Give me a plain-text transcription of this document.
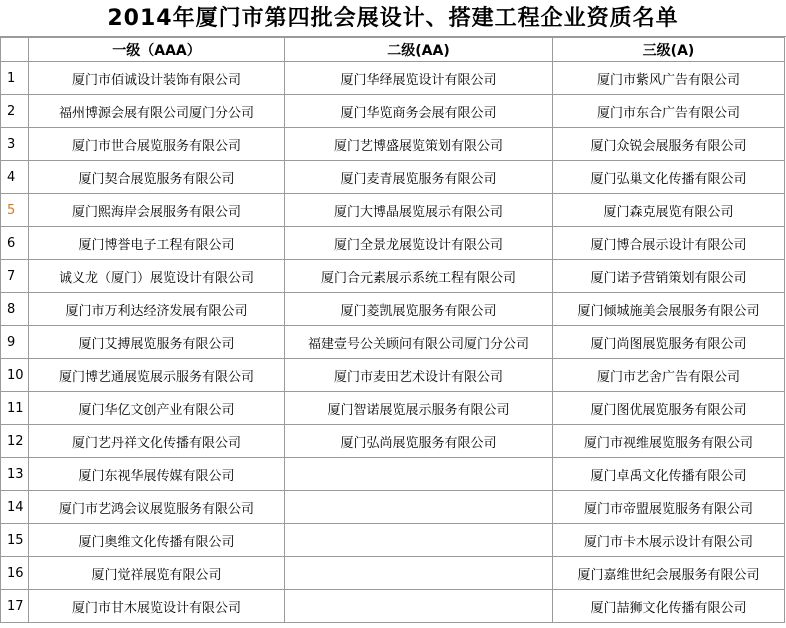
2014年厦门市第四批会展设计、搭建工程企业资质名单
	一级（AAA）	二级(AA)	三级(A)
1	厦门市佰诚设计装饰有限公司	厦门华绎展览设计有限公司	厦门市紫风广告有限公司
2	福州博源会展有限公司厦门分公司	厦门华览商务会展有限公司	厦门市东合广告有限公司
3	厦门市世合展览服务有限公司	厦门艺博盛展览策划有限公司	厦门众锐会展服务有限公司
4	厦门契合展览服务有限公司	厦门麦青展览服务有限公司	厦门弘巢文化传播有限公司
5	厦门熙海岸会展服务有限公司	厦门大博晶展览展示有限公司	厦门森克展览有限公司
6	厦门博誉电子工程有限公司	厦门全景龙展览设计有限公司	厦门博合展示设计有限公司
7	诚义龙（厦门）展览设计有限公司	厦门合元素展示系统工程有限公司	厦门诺予营销策划有限公司
8	厦门市万利达经济发展有限公司	厦门菱凯展览服务有限公司	厦门倾城施美会展服务有限公司
9	厦门艾搏展览服务有限公司	福建壹号公关顾问有限公司厦门分公司	厦门尚图展览服务有限公司
10	厦门博艺通展览展示服务有限公司	厦门市麦田艺术设计有限公司	厦门市艺舍广告有限公司
11	厦门华亿文创产业有限公司	厦门智诺展览展示服务有限公司	厦门图优展览服务有限公司
12	厦门艺丹祥文化传播有限公司	厦门弘尚展览服务有限公司	厦门市视维展览服务有限公司
13	厦门东视华展传媒有限公司		厦门卓禹文化传播有限公司
14	厦门市艺鸿会议展览服务有限公司		厦门市帝盟展览服务有限公司
15	厦门奥维文化传播有限公司		厦门市卡木展示设计有限公司
16	厦门觉祥展览有限公司		厦门嘉维世纪会展服务有限公司
17	厦门市甘木展览设计有限公司		厦门喆狮文化传播有限公司
